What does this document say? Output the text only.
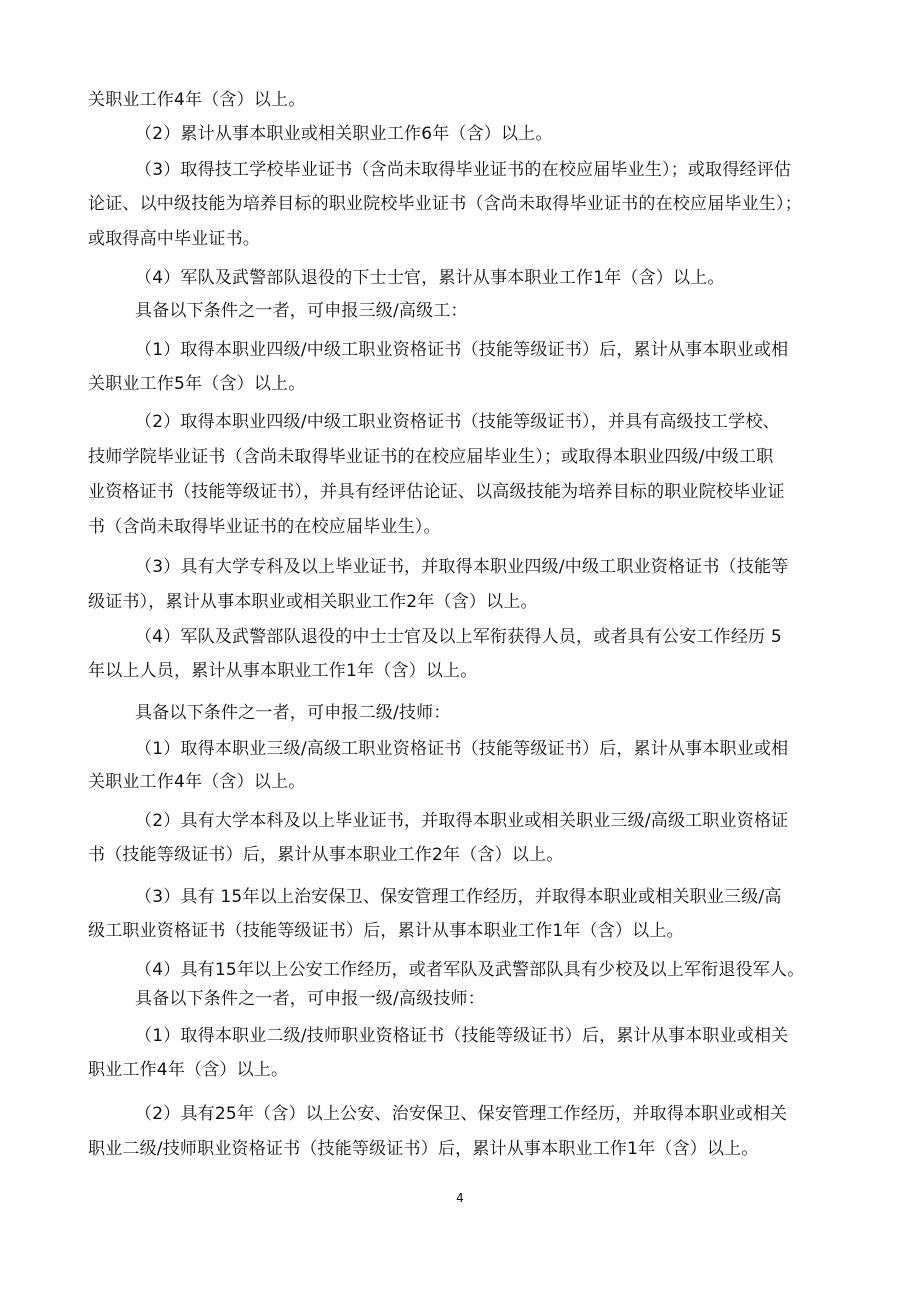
关职业工作4年（含）以上。
（2）累计从事本职业或相关职业工作6年（含）以上。
（3）取得技工学校毕业证书（含尚未取得毕业证书的在校应届毕业生）；或取得经评估
论证、以中级技能为培养目标的职业院校毕业证书（含尚未取得毕业证书的在校应届毕业生）；
或取得高中毕业证书。
（4）军队及武警部队退役的下士士官，累计从事本职业工作1年（含）以上。
具备以下条件之一者，可申报三级/高级工：
（1）取得本职业四级/中级工职业资格证书（技能等级证书）后，累计从事本职业或相
关职业工作5年（含）以上。
（2）取得本职业四级/中级工职业资格证书（技能等级证书），并具有高级技工学校、
技师学院毕业证书（含尚未取得毕业证书的在校应届毕业生）；或取得本职业四级/中级工职
业资格证书（技能等级证书），并具有经评估论证、以高级技能为培养目标的职业院校毕业证
书（含尚未取得毕业证书的在校应届毕业生）。
（3）具有大学专科及以上毕业证书，并取得本职业四级/中级工职业资格证书（技能等
级证书），累计从事本职业或相关职业工作2年（含）以上。
（4）军队及武警部队退役的中士士官及以上军衔获得人员，或者具有公安工作经历 5
年以上人员，累计从事本职业工作1年（含）以上。
具备以下条件之一者，可申报二级/技师：
（1）取得本职业三级/高级工职业资格证书（技能等级证书）后，累计从事本职业或相
关职业工作4年（含）以上。
（2）具有大学本科及以上毕业证书，并取得本职业或相关职业三级/高级工职业资格证
书（技能等级证书）后，累计从事本职业工作2年（含）以上。
（3）具有 15年以上治安保卫、保安管理工作经历，并取得本职业或相关职业三级/高
级工职业资格证书（技能等级证书）后，累计从事本职业工作1年（含）以上。
（4）具有15年以上公安工作经历，或者军队及武警部队具有少校及以上军衔退役军人。
具备以下条件之一者，可申报一级/高级技师：
（1）取得本职业二级/技师职业资格证书（技能等级证书）后，累计从事本职业或相关
职业工作4年（含）以上。
（2）具有25年（含）以上公安、治安保卫、保安管理工作经历，并取得本职业或相关
职业二级/技师职业资格证书（技能等级证书）后，累计从事本职业工作1年（含）以上。
4
